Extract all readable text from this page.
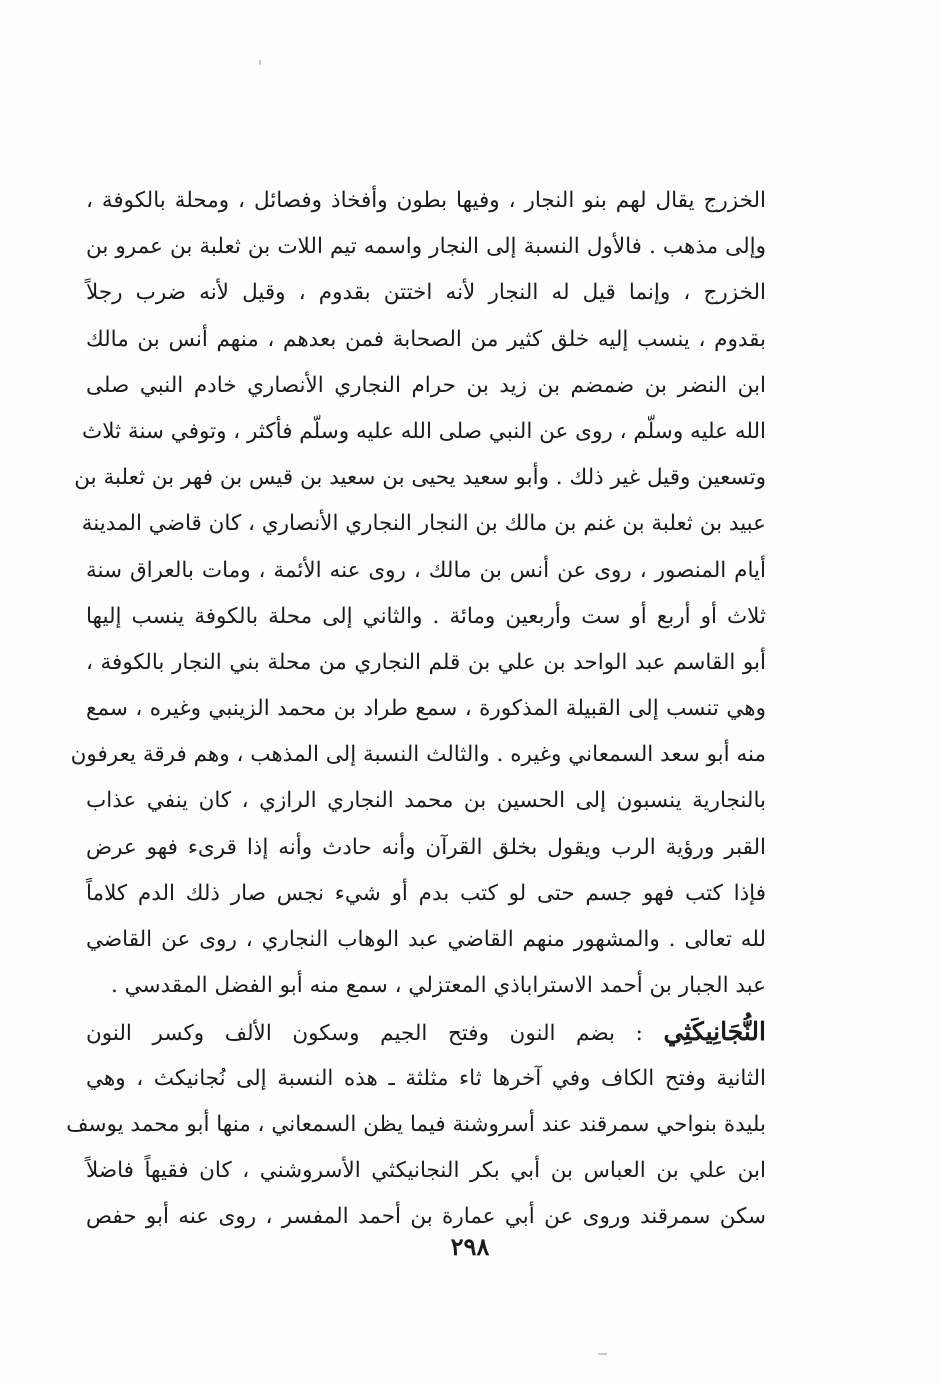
الخزرج يقال لهم بنو النجار ، وفيها بطون وأفخاذ وفصائل ، ومحلة بالكوفة ،
وإلى مذهب . فالأول النسبة إلى النجار واسمه تيم اللات بن ثعلبة بن عمرو بن
الخزرج ، وإنما قيل له النجار لأنه اختتن بقدوم ، وقيل لأنه ضرب رجلاً
بقدوم ، ينسب إليه خلق كثير من الصحابة فمن بعدهم ، منهم أنس بن مالك
ابن النضر بن ضمضم بن زيد بن حرام النجاري الأنصاري خادم النبي صلى
الله عليه وسلّم ، روى عن النبي صلى الله عليه وسلّم فأكثر ، وتوفي سنة ثلاث
وتسعين وقيل غير ذلك . وأبو سعيد يحيى بن سعيد بن قيس بن فهر بن ثعلبة بن
عبيد بن ثعلبة بن غنم بن مالك بن النجار النجاري الأنصاري ، كان قاضي المدينة
أيام المنصور ، روى عن أنس بن مالك ، روى عنه الأئمة ، ومات بالعراق سنة
ثلاث أو أربع أو ست وأربعين ومائة . والثاني إلى محلة بالكوفة ينسب إليها
أبو القاسم عبد الواحد بن علي بن قلم النجاري من محلة بني النجار بالكوفة ،
وهي تنسب إلى القبيلة المذكورة ، سمع طراد بن محمد الزينبي وغيره ، سمع
منه أبو سعد السمعاني وغيره . والثالث النسبة إلى المذهب ، وهم فرقة يعرفون
بالنجارية ينسبون إلى الحسين بن محمد النجاري الرازي ، كان ينفي عذاب
القبر ورؤية الرب ويقول بخلق القرآن وأنه حادث وأنه إذا قرىء فهو عرض
فإذا كتب فهو جسم حتى لو كتب بدم أو شيء نجس صار ذلك الدم كلاماً
لله تعالى . والمشهور منهم القاضي عبد الوهاب النجاري ، روى عن القاضي
عبد الجبار بن أحمد الاستراباذي المعتزلي ، سمع منه أبو الفضل المقدسي .
النُّجَانِيكَثِي : بضم النون وفتح الجيم وسكون الألف وكسر النون
الثانية وفتح الكاف وفي آخرها ثاء مثلثة ـ هذه النسبة إلى نُجانيكث ، وهي
بليدة بنواحي سمرقند عند أسروشنة فيما يظن السمعاني ، منها أبو محمد يوسف
ابن علي بن العباس بن أبي بكر النجانيكثي الأسروشني ، كان فقيهاً فاضلاً
سكن سمرقند وروى عن أبي عمارة بن أحمد المفسر ، روى عنه أبو حفص
٢٩٨
